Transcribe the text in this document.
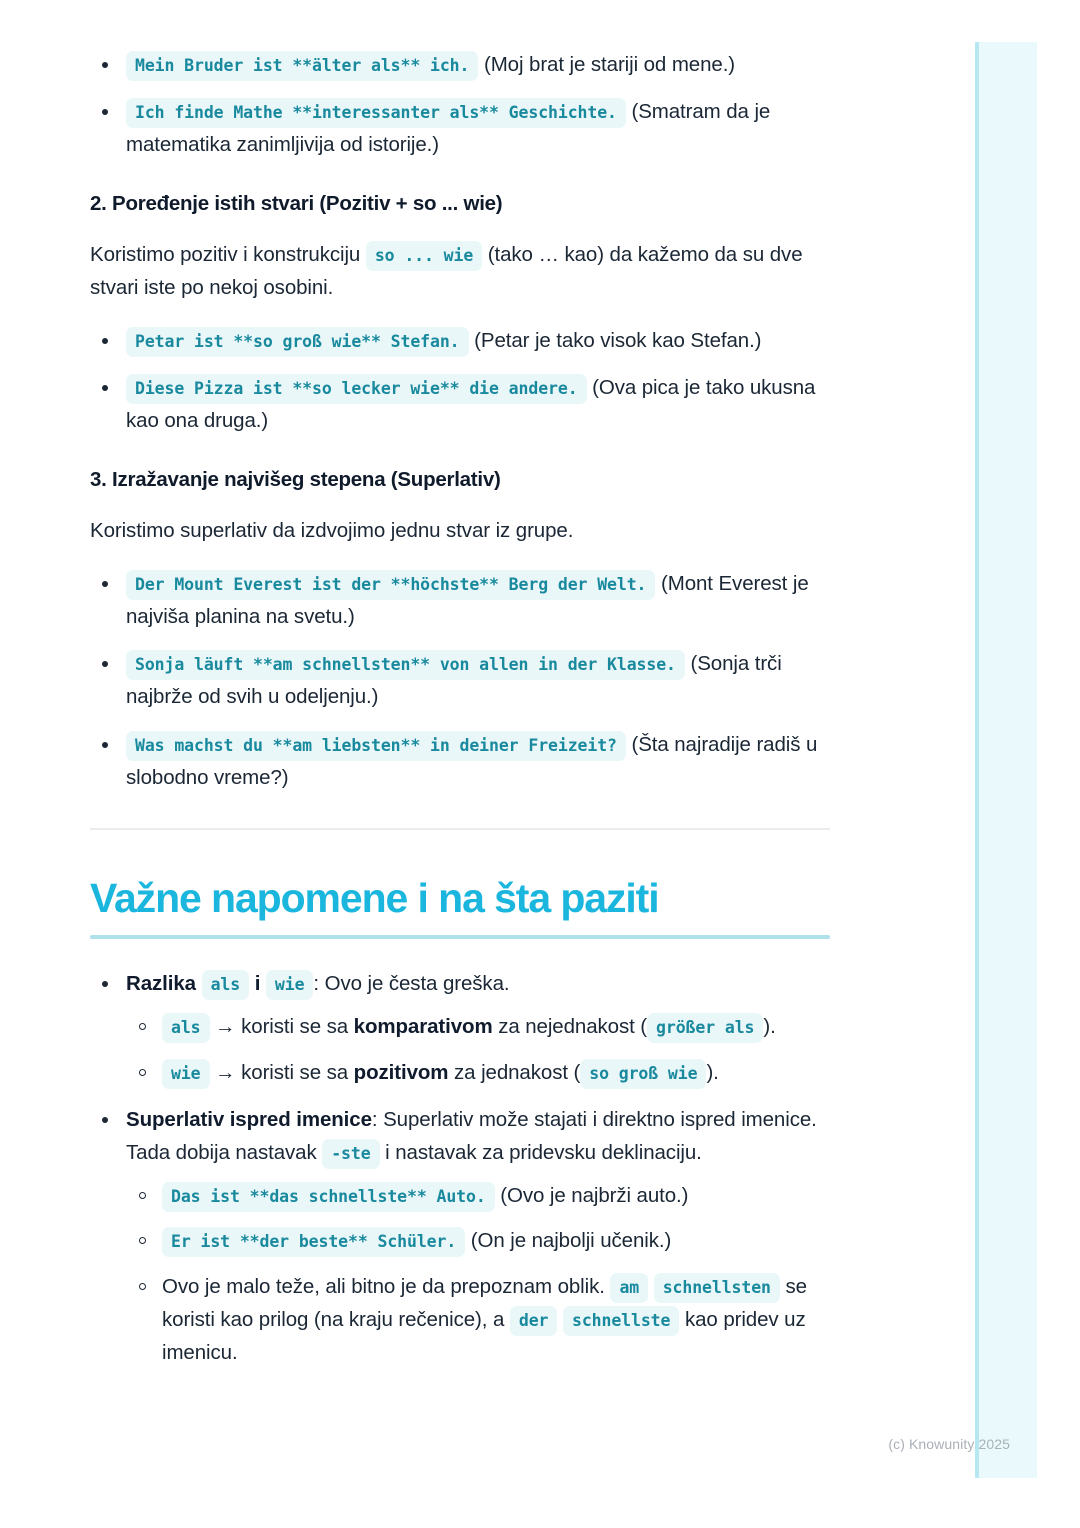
Mein Bruder ist **älter als** ich. (Moj brat je stariji od mene.)
Ich finde Mathe **interessanter als** Geschichte. (Smatram da je matematika zanimljivija od istorije.)
2. Poređenje istih stvari (Pozitiv + so ... wie)

Koristimo pozitiv i konstrukciju so ... wie (tako … kao) da kažemo da su dve stvari iste po nekoj osobini.

Petar ist **so groß wie** Stefan. (Petar je tako visok kao Stefan.)
Diese Pizza ist **so lecker wie** die andere. (Ova pica je tako ukusna kao ona druga.)
3. Izražavanje najvišeg stepena (Superlativ)

Koristimo superlativ da izdvojimo jednu stvar iz grupe.

Der Mount Everest ist der **höchste** Berg der Welt. (Mont Everest je najviša planina na svetu.)
Sonja läuft **am schnellsten** von allen in der Klasse. (Sonja trči najbrže od svih u odeljenju.)
Was machst du **am liebsten** in deiner Freizeit? (Šta najradije radiš u slobodno vreme?)
Važne napomene i na šta paziti
Razlika als i wie : Ovo je česta greška.
als → koristi se sa komparativom za nejednakost ( größer als ).
wie → koristi se sa pozitivom za jednakost ( so groß wie ).
Superlativ ispred imenice: Superlativ može stajati i direktno ispred imenice. Tada dobija nastavak -ste i nastavak za pridevsku deklinaciju.
Das ist **das schnellste** Auto. (Ovo je najbrži auto.)
Er ist **der beste** Schüler. (On je najbolji učenik.)
Ovo je malo teže, ali bitno je da prepoznam oblik. am schnellsten se koristi kao prilog (na kraju rečenice), a der schnellste kao pridev uz imenicu.
(c) Knowunity 2025
